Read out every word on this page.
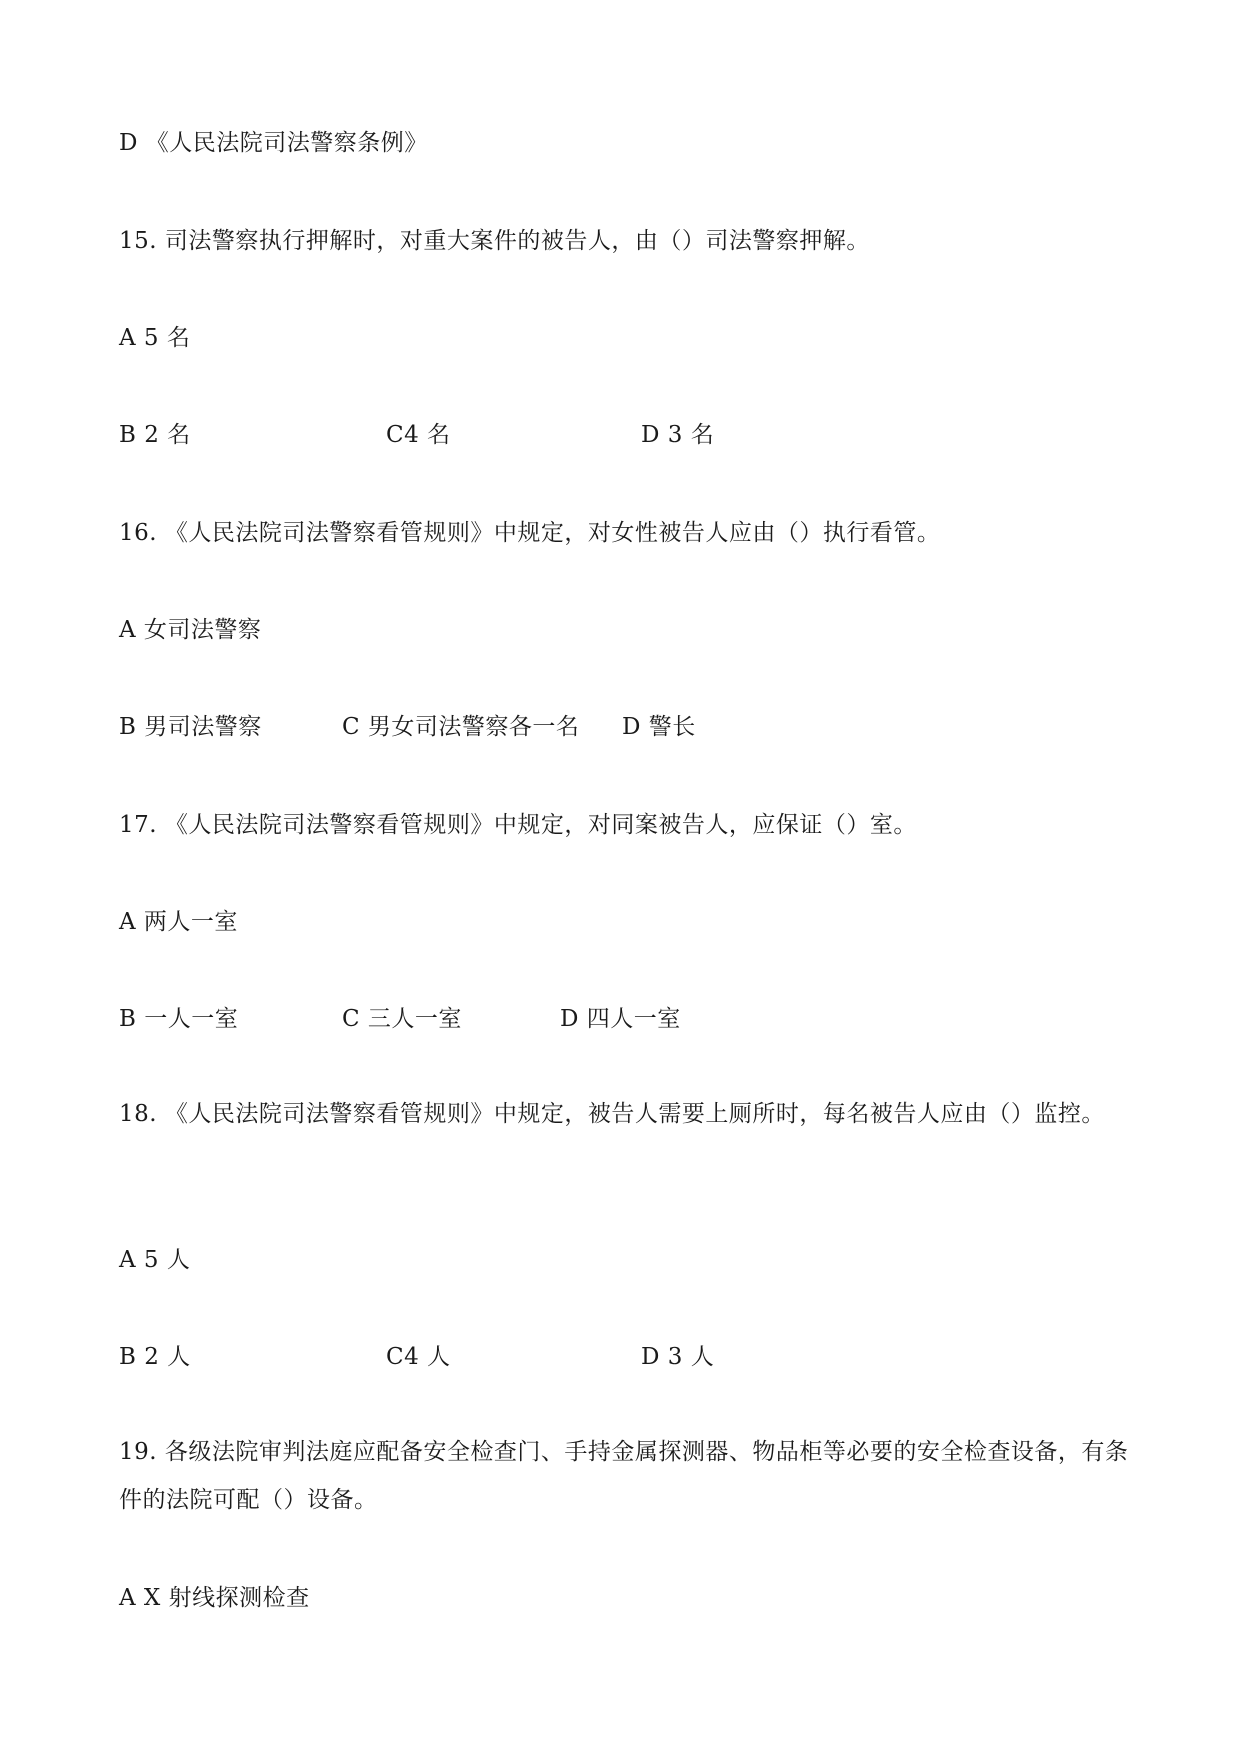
D 《人民法院司法警察条例》
15. 司法警察执行押解时，对重大案件的被告人，由（）司法警察押解。
A 5 名
B 2 名	C4 名	D 3 名
16. 《人民法院司法警察看管规则》中规定，对女性被告人应由（）执行看管。
A 女司法警察
B 男司法警察	C 男女司法警察各一名 D 警长
17. 《人民法院司法警察看管规则》中规定，对同案被告人，应保证（）室。
A 两人一室
B 一人一室	C 三人一室	D 四人一室
18. 《人民法院司法警察看管规则》中规定，被告人需要上厕所时，每名被告人应由（）监控。
A 5 人
B 2 人	C4 人	D 3 人
19. 各级法院审判法庭应配备安全检查门、手持金属探测器、物品柜等必要的安全检查设备，有条件的法院可配（）设备。
A X 射线探测检查
